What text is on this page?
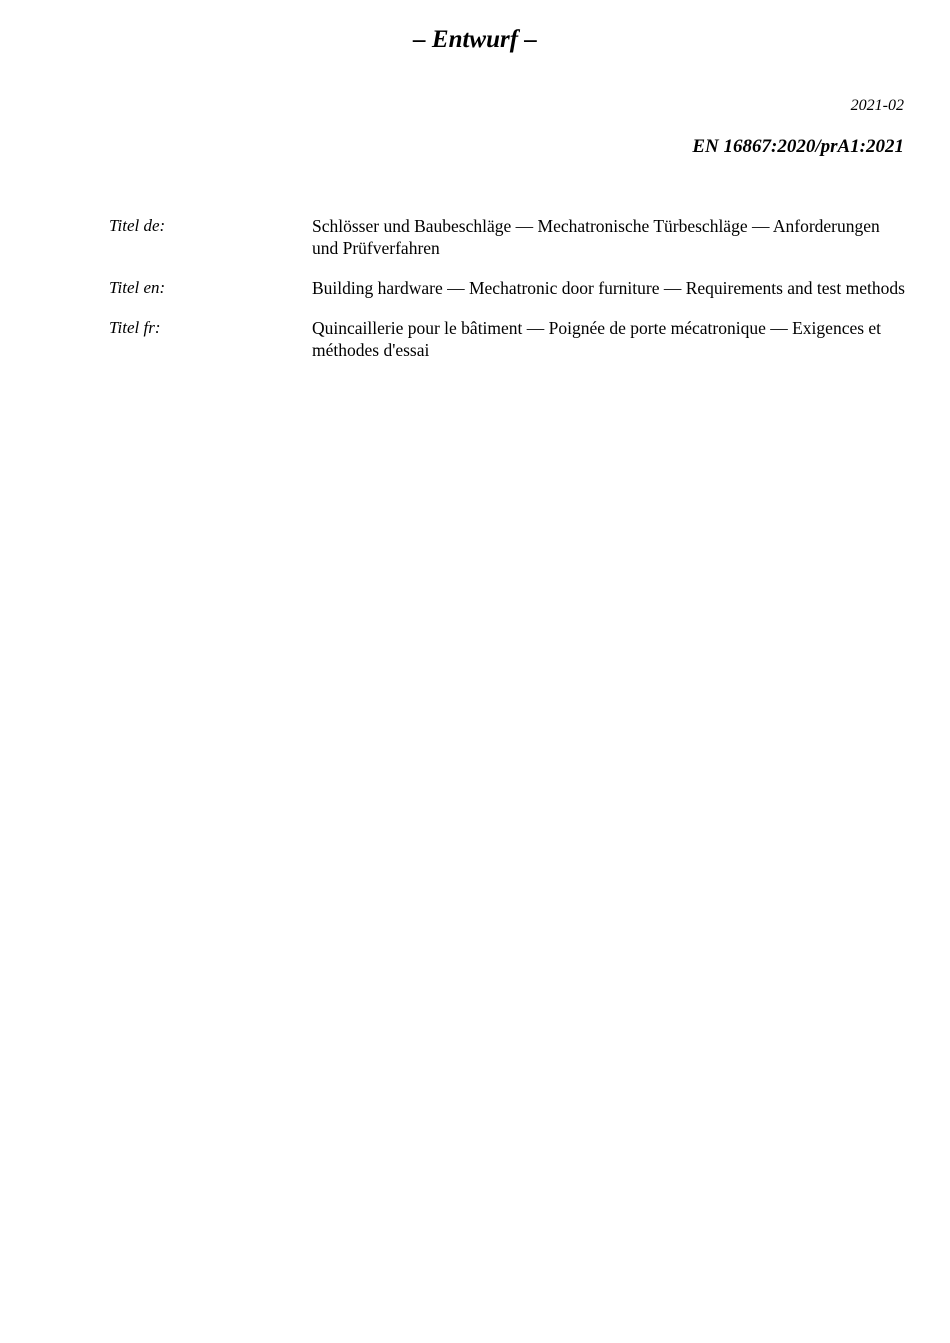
– Entwurf –
2021-02
EN 16867:2020/prA1:2021
Titel de:	Schlösser und Baubeschläge — Mechatronische Türbeschläge — Anforderungen und Prüfverfahren
Titel en:	Building hardware — Mechatronic door furniture — Requirements and test methods
Titel fr:	Quincaillerie pour le bâtiment — Poignée de porte mécatronique — Exigences et méthodes d'essai
